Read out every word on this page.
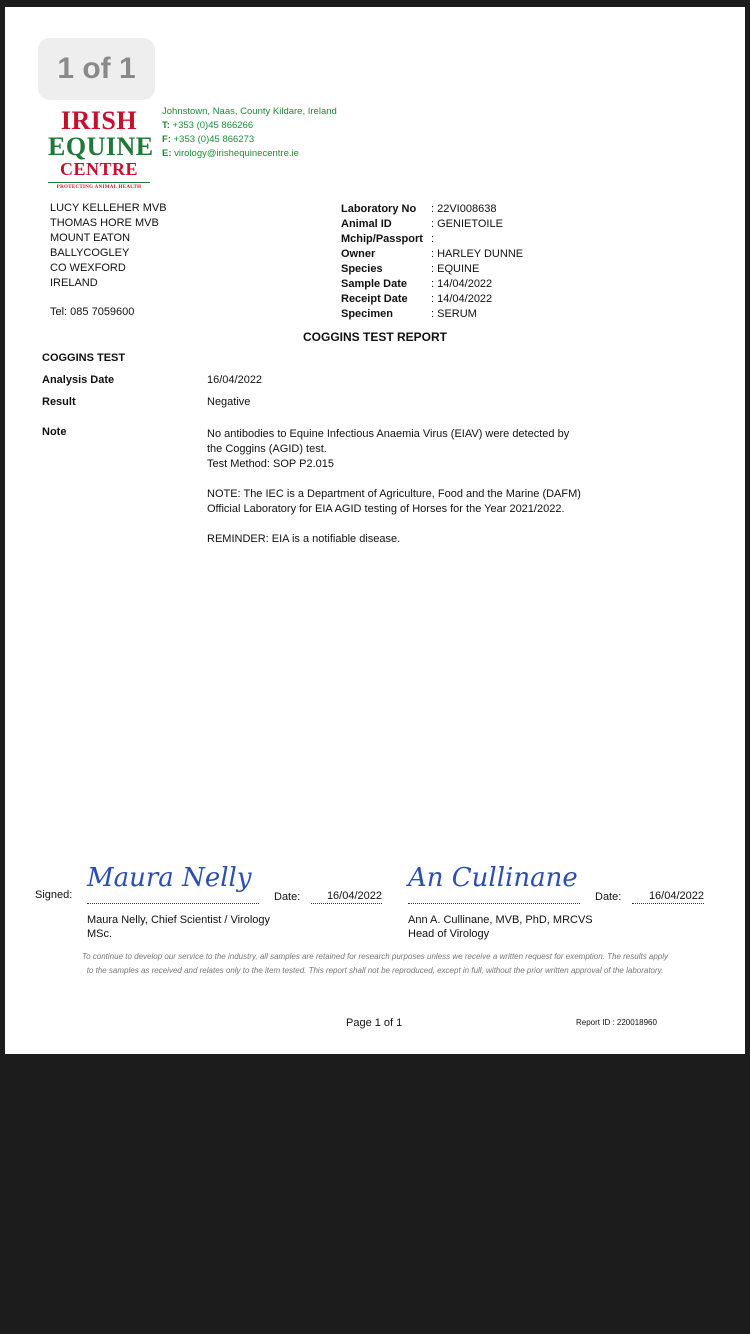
1 of 1
IRISH
EQUINE
CENTRE
PROTECTING ANIMAL HEALTH
Johnstown, Naas, County Kildare, Ireland
T: +353 (0)45 866266
F: +353 (0)45 866273
E: virology@irishequinecentre.ie
LUCY KELLEHER MVB
THOMAS HORE MVB
MOUNT EATON
BALLYCOGLEY
CO WEXFORD
IRELAND
Tel: 085 7059600
Laboratory No	: 22VI008638
Animal ID	: GENIETOILE
Mchip/Passport :
Owner	: HARLEY DUNNE
Species	: EQUINE
Sample Date	: 14/04/2022
Receipt Date	: 14/04/2022
Specimen	: SERUM
COGGINS TEST REPORT
COGGINS TEST
Analysis Date	16/04/2022
Result	Negative
Note	No antibodies to Equine Infectious Anaemia Virus (EIAV) were detected by the Coggins (AGID) test.
Test Method: SOP P2.015

NOTE: The IEC is a Department of Agriculture, Food and the Marine (DAFM) Official Laboratory for EIA AGID testing of Horses for the Year 2021/2022.

REMINDER: EIA is a notifiable disease.

Signed:
Maura Nelly
Date:	16/04/2022
Maura Nelly, Chief Scientist / Virology
MSc.
An Cullinane
Date:	16/04/2022
Ann A. Cullinane, MVB, PhD, MRCVS
Head of Virology
To continue to develop our service to the industry, all samples are retained for research purposes unless we receive a written request for exemption. The results apply to the samples as received and relates only to the item tested. This report shall not be reproduced, except in full, without the prior written approval of the laboratory.
Page 1 of 1	Report ID : 220018960
